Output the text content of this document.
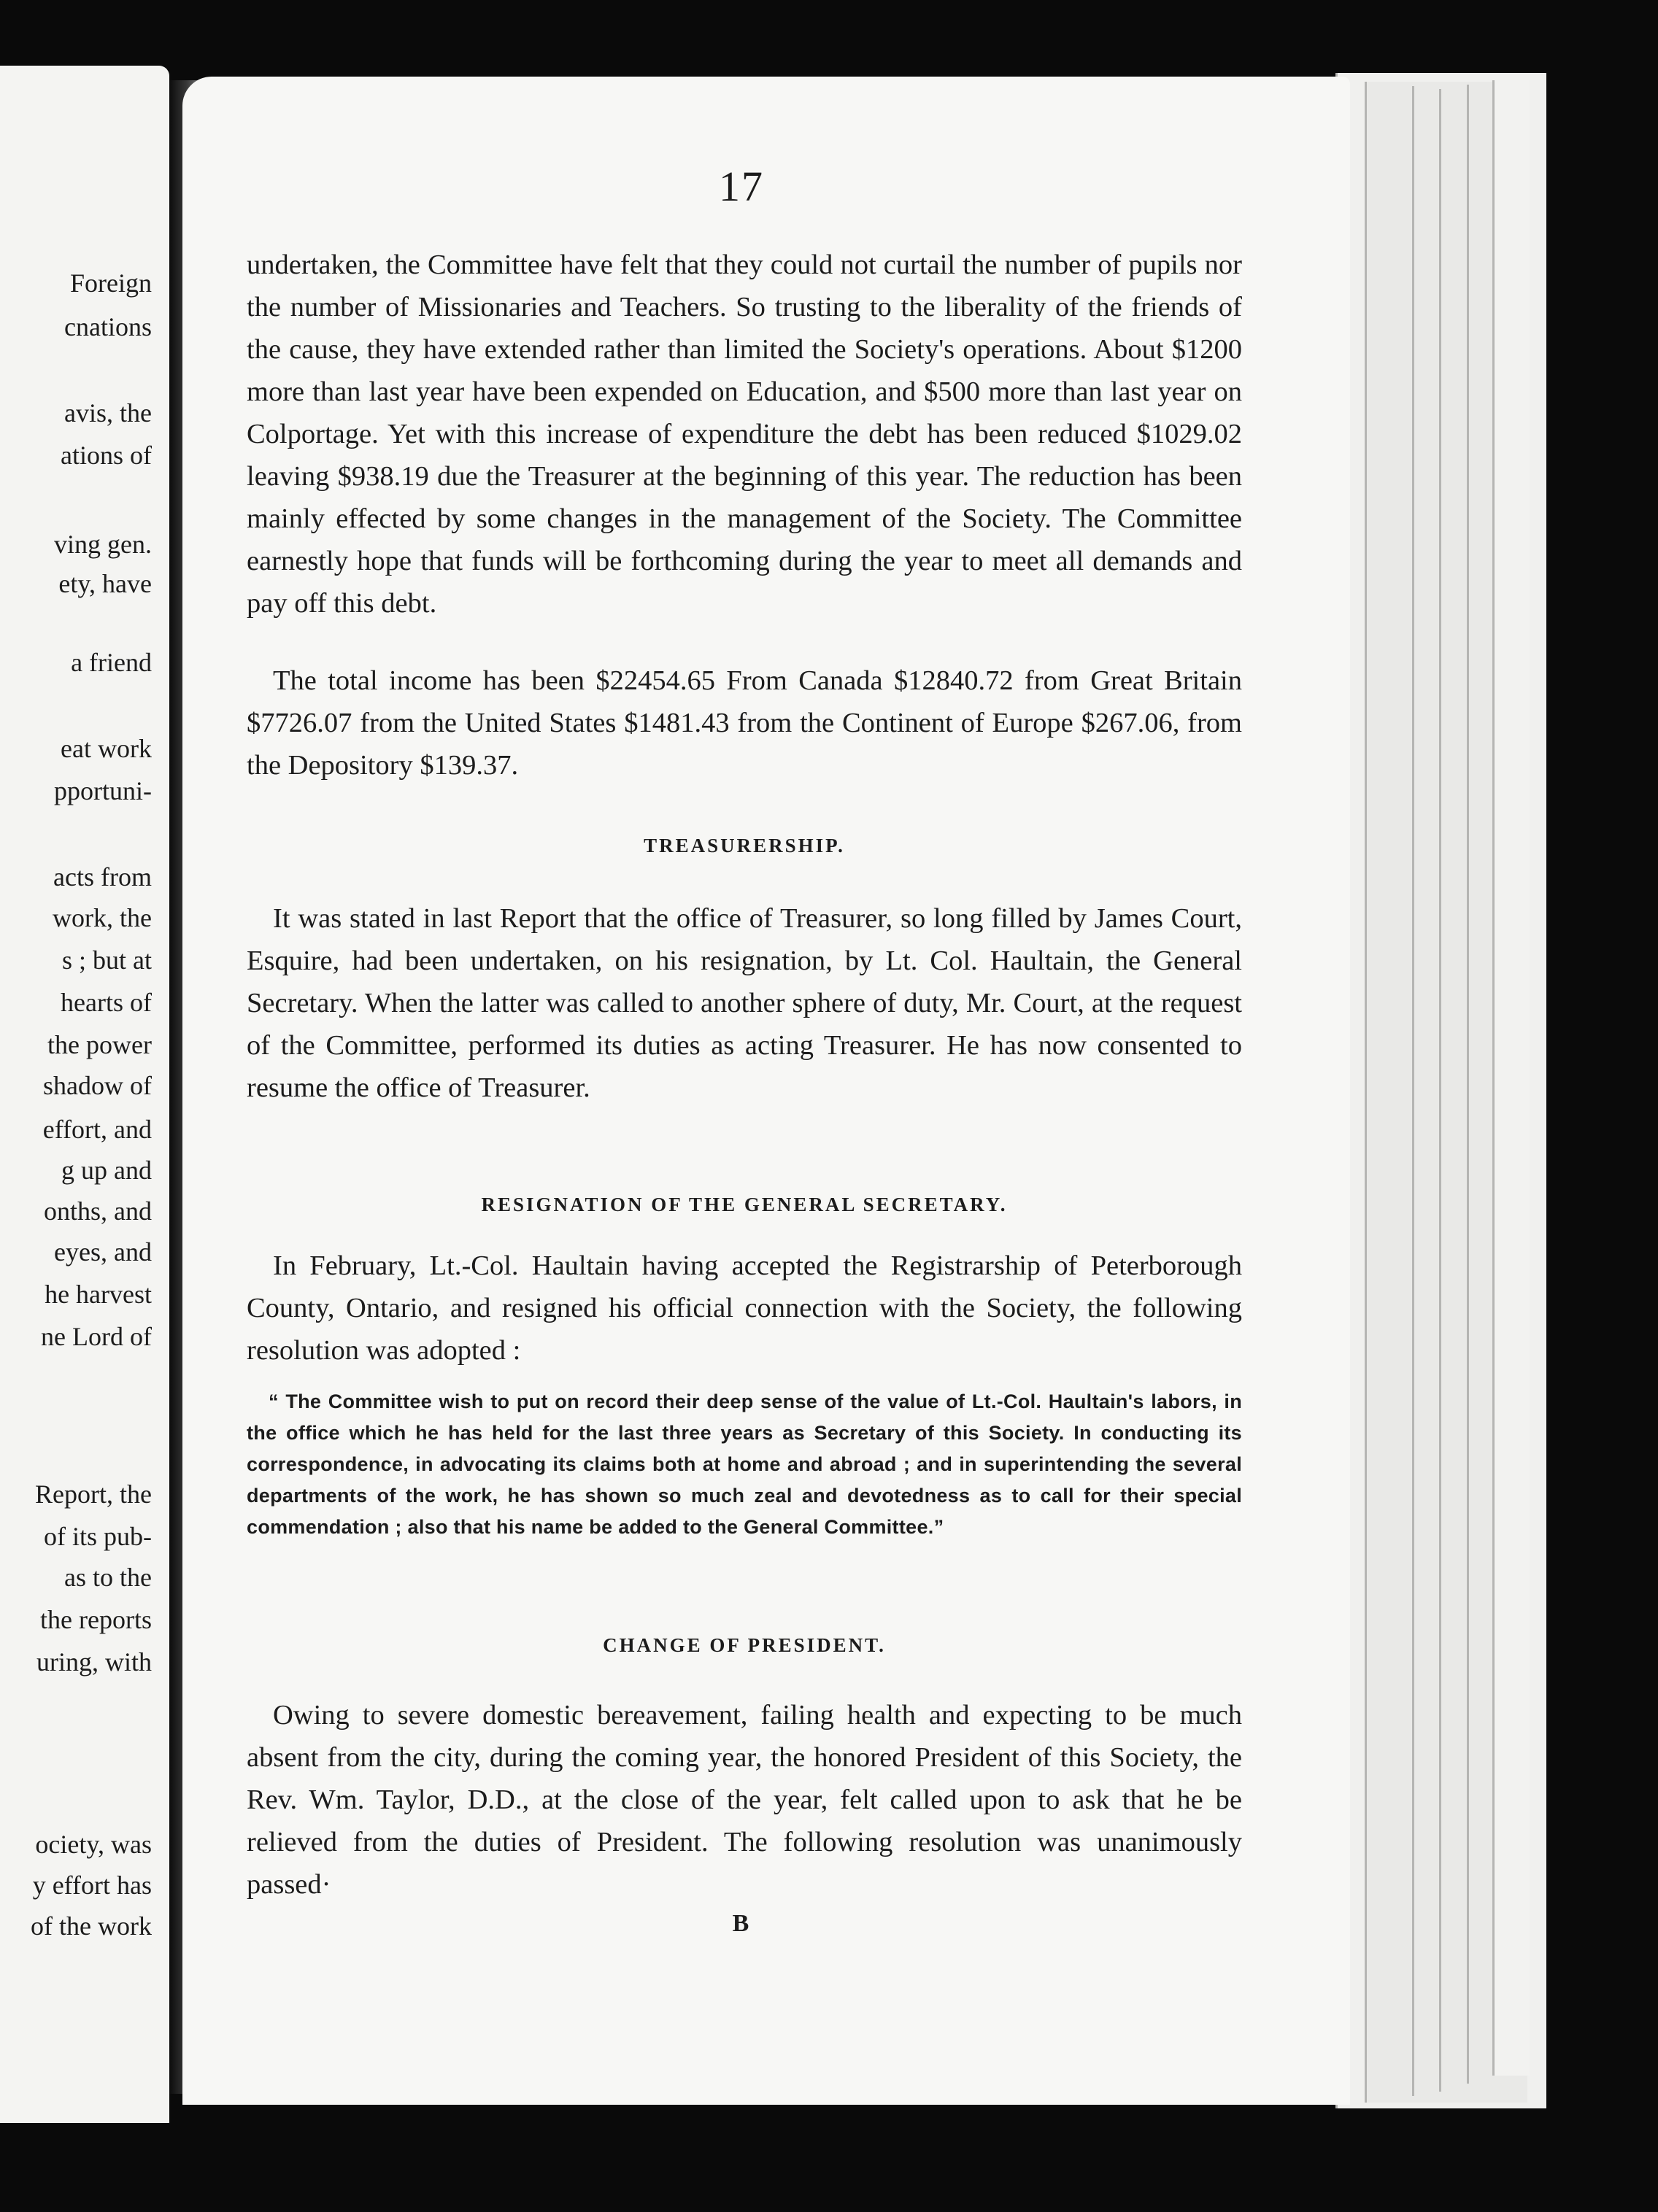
Foreign
cnations
avis, the
ations of
ving gen.
ety, have
a friend
eat work
pportuni-
acts from
work, the
s ; but at
hearts of
the power
shadow of
effort, and
g up and
onths, and
eyes, and
he harvest
ne Lord of
Report, the
of its pub-
as to the
the reports
uring, with
ociety, was
y effort has
of the work
17

undertaken, the Committee have felt that they could not curtail the number of pupils nor the number of Missionaries and Teachers. So trusting to the liberality of the friends of the cause, they have extended rather than limited the Society's operations. About $1200 more than last year have been expended on Education, and $500 more than last year on Colportage. Yet with this increase of expenditure the debt has been reduced $1029.02 leaving $938.19 due the Treasurer at the beginning of this year. The reduction has been mainly effected by some changes in the management of the Society. The Committee earnestly hope that funds will be forthcoming during the year to meet all demands and pay off this debt.

The total income has been $22454.65 From Canada $12840.72 from Great Britain $7726.07 from the United States $1481.43 from the Continent of Europe $267.06, from the Depository $139.37.

TREASURERSHIP.

It was stated in last Report that the office of Treasurer, so long filled by James Court, Esquire, had been undertaken, on his resignation, by Lt. Col. Haultain, the General Secretary. When the latter was called to another sphere of duty, Mr. Court, at the request of the Committee, performed its duties as acting Treasurer. He has now consented to resume the office of Treasurer.

RESIGNATION OF THE GENERAL SECRETARY.

In February, Lt.-Col. Haultain having accepted the Registrarship of Peterborough County, Ontario, and resigned his official connection with the Society, the following resolution was adopted :

“ The Committee wish to put on record their deep sense of the value of Lt.-Col. Haultain's labors, in the office which he has held for the last three years as Secretary of this Society. In conducting its correspondence, in advocating its claims both at home and abroad ; and in superintending the several departments of the work, he has shown so much zeal and devotedness as to call for their special commendation ; also that his name be added to the General Committee.”

CHANGE OF PRESIDENT.

Owing to severe domestic bereavement, failing health and expecting to be much absent from the city, during the coming year, the honored President of this Society, the Rev. Wm. Taylor, D.D., at the close of the year, felt called upon to ask that he be relieved from the duties of President. The following resolution was unanimously passed·

B
